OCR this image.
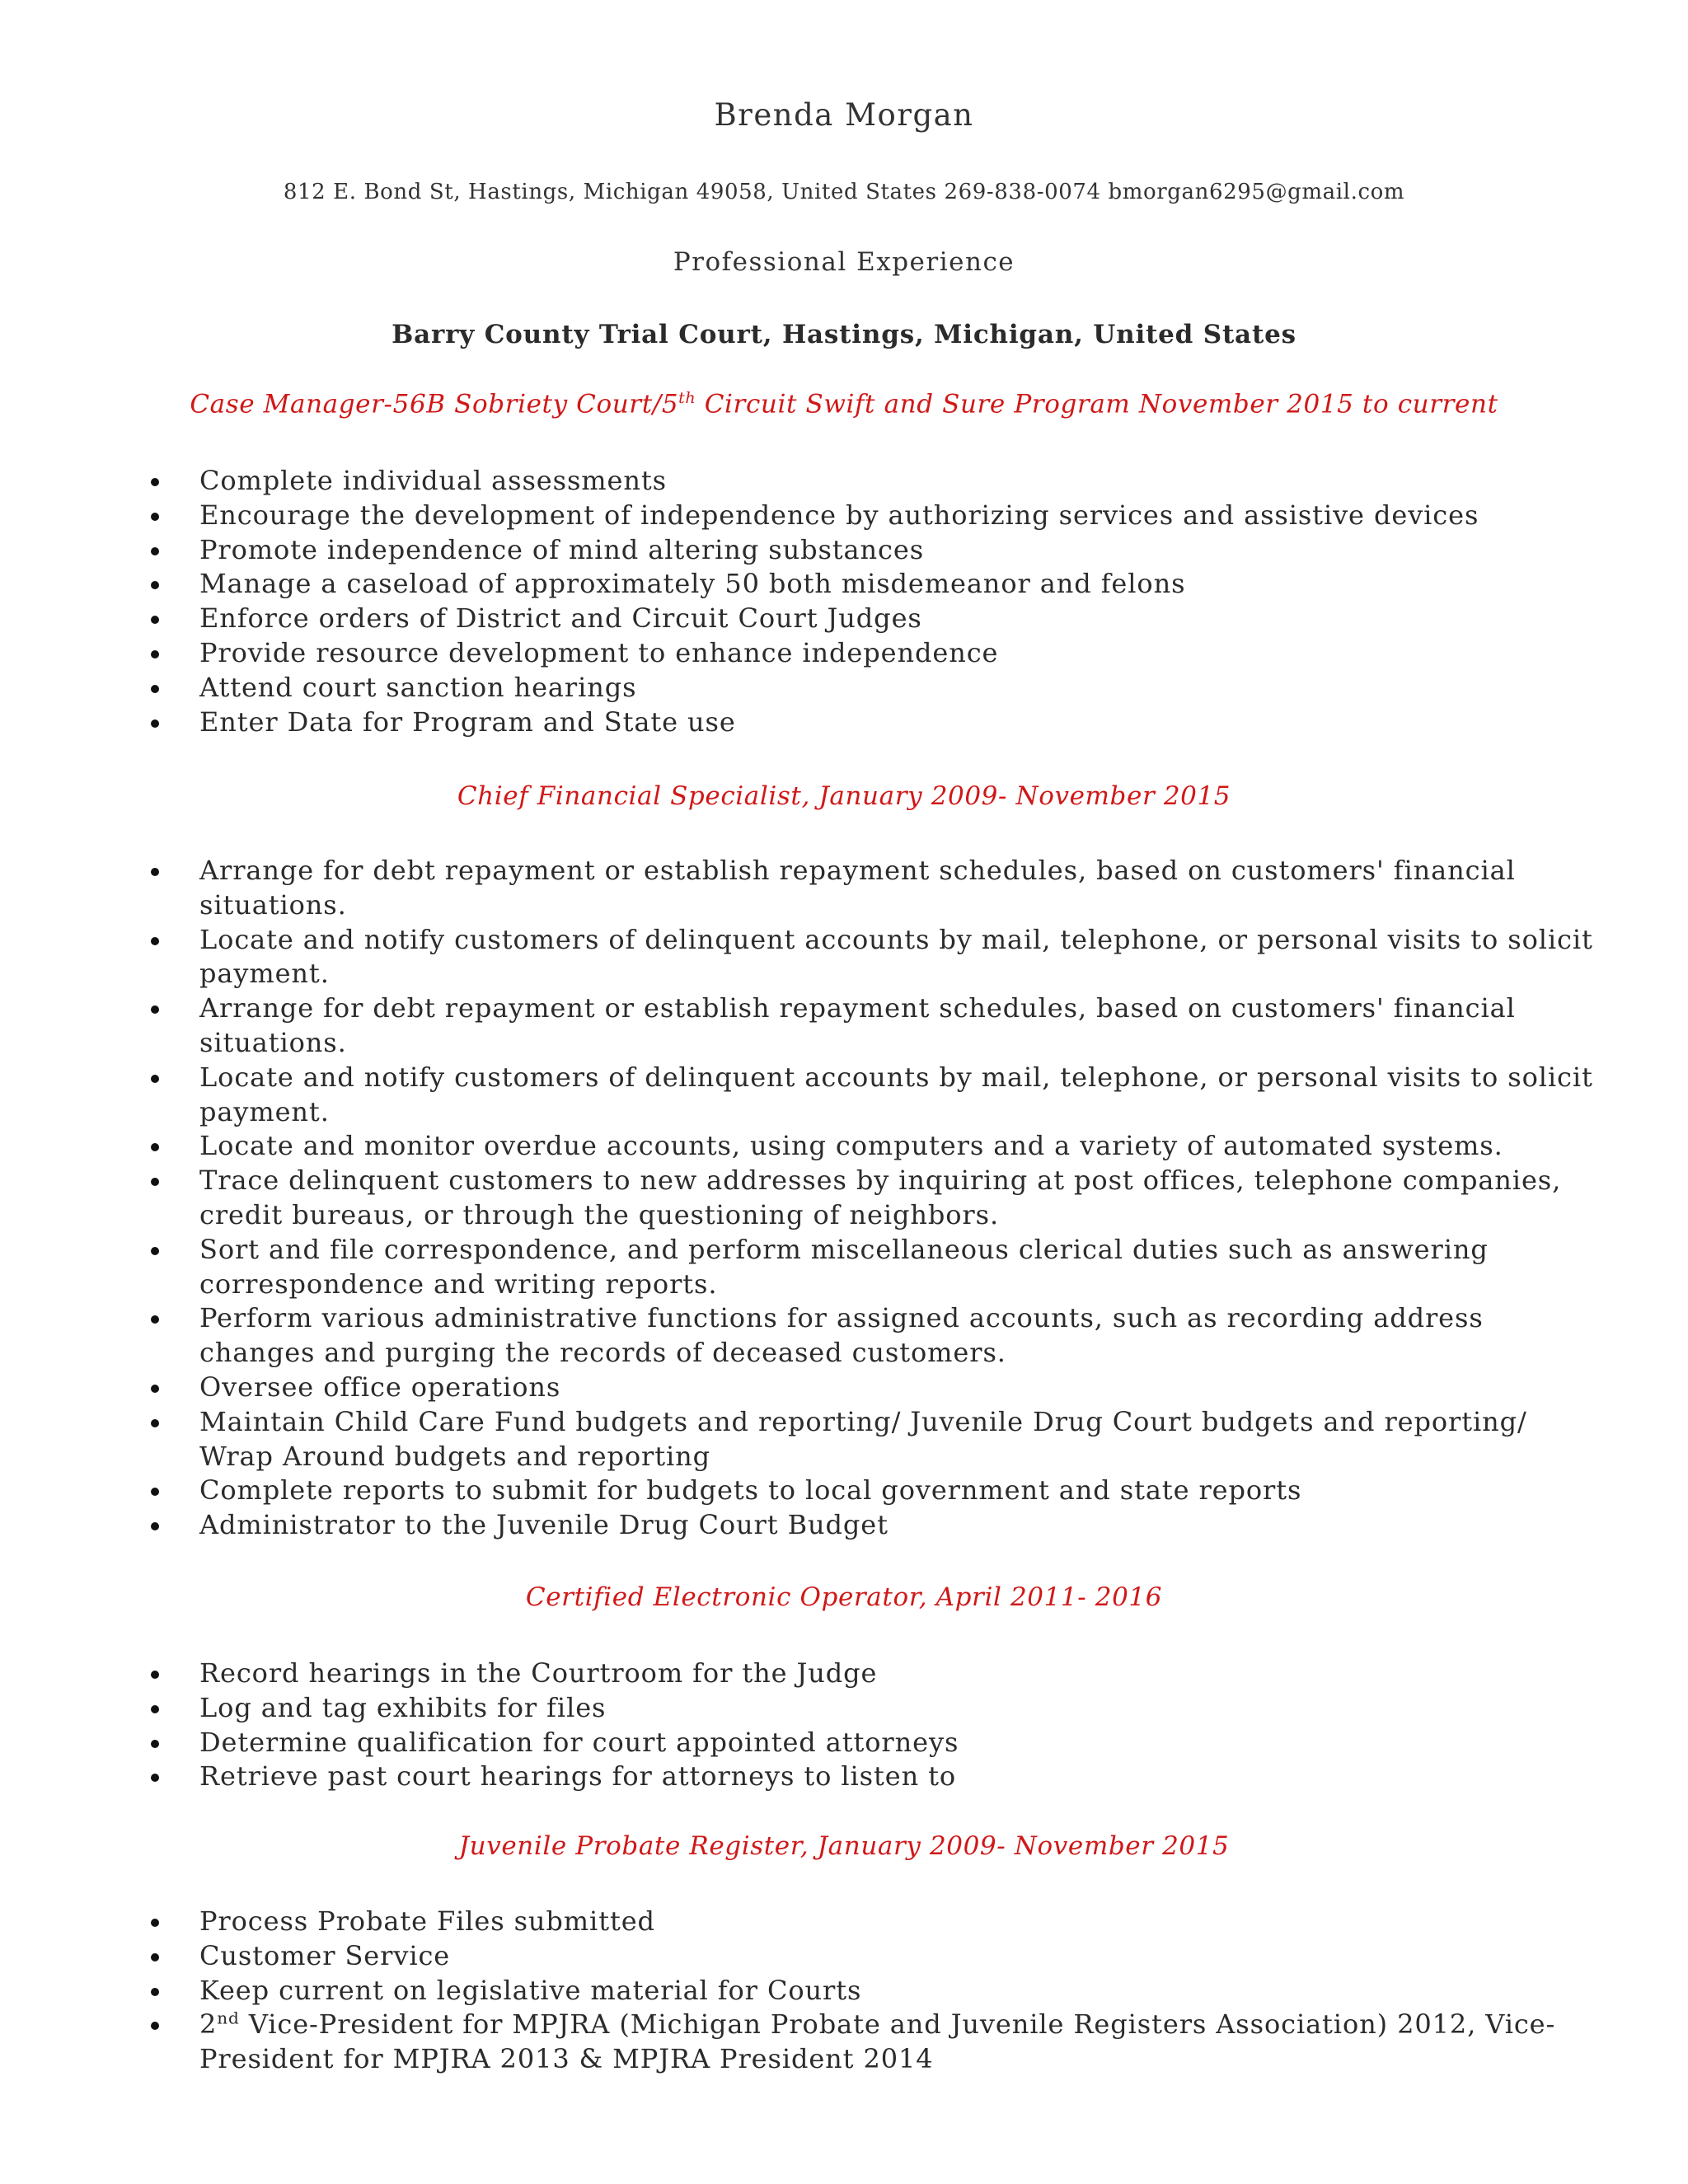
Brenda Morgan
812 E. Bond St, Hastings, Michigan 49058, United States 269-838-0074 bmorgan6295@gmail.com
Professional Experience
Barry County Trial Court, Hastings, Michigan, United States
Case Manager-56B Sobriety Court/5th Circuit Swift and Sure Program November 2015 to current
Complete individual assessments
Encourage the development of independence by authorizing services and assistive devices
Promote independence of mind altering substances
Manage a caseload of approximately 50 both misdemeanor and felons
Enforce orders of District and Circuit Court Judges
Provide resource development to enhance independence
Attend court sanction hearings
Enter Data for Program and State use
Chief Financial Specialist, January 2009- November 2015
Arrange for debt repayment or establish repayment schedules, based on customers' financial situations.
Locate and notify customers of delinquent accounts by mail, telephone, or personal visits to solicit payment.
Arrange for debt repayment or establish repayment schedules, based on customers' financial situations.
Locate and notify customers of delinquent accounts by mail, telephone, or personal visits to solicit payment.
Locate and monitor overdue accounts, using computers and a variety of automated systems.
Trace delinquent customers to new addresses by inquiring at post offices, telephone companies, credit bureaus, or through the questioning of neighbors.
Sort and file correspondence, and perform miscellaneous clerical duties such as answering correspondence and writing reports.
Perform various administrative functions for assigned accounts, such as recording address changes and purging the records of deceased customers.
Oversee office operations
Maintain Child Care Fund budgets and reporting/ Juvenile Drug Court budgets and reporting/ Wrap Around budgets and reporting
Complete reports to submit for budgets to local government and state reports
Administrator to the Juvenile Drug Court Budget
Certified Electronic Operator, April 2011- 2016
Record hearings in the Courtroom for the Judge
Log and tag exhibits for files
Determine qualification for court appointed attorneys
Retrieve past court hearings for attorneys to listen to
Juvenile Probate Register, January 2009- November 2015
Process Probate Files submitted
Customer Service
Keep current on legislative material for Courts
2nd Vice-President for MPJRA (Michigan Probate and Juvenile Registers Association) 2012, Vice-President for MPJRA 2013 & MPJRA President 2014
